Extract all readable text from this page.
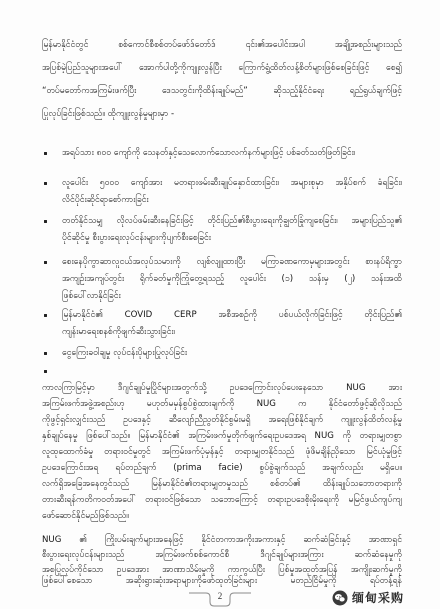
မြန်မာနိုင်ငံတွင် စစ်ကောင်စီစစ်တပ်ဖော်ဒ်တော်ဒ် ၎င်း၏အပေါင်းအပါ အချို့အစည်းများသည်
အပြစ်မဲ့ပြည်သူများအပေါ် အောက်ပါတို့ကိုကျူးလွန်ပြီး ကြောက်ရွံ့ထိတ်လန့်စိတ်များဖြစ်စေခြင်းဖြင့် စေ၍
“တပ်မတော်ကအကြမ်းဖက်ပြီး ဒေသတွင်းကိုထိန်းချုပ်မည်” ဆိုသည့်နိုင်ငံရေး ရည်ရွယ်ချက်ဖြင့်
ပြုလုပ်ခြင်းဖြစ်သည်။ ထိုကျူးလွန်မှုများမှာ -
အရပ်သား ၈၀၀ ကျော်ကို သေနတ်နှင့်သေလောက်သောလက်နက်များဖြင့် ပစ်ခတ်သတ်ဖြတ်ခြင်း၊
လူပေါင်း ၅၀၀၀ ကျော်အား မတရားဖမ်းဆီးချုပ်နှောင်ထားခြင်း၊ အများစုမှာ အနှိပ်စက် ခံရခြင်း၊
လိင်ပိုင်းဆိုင်ရာစော်ကားခြင်း
တတ်နိုင်သမျှ လိုလပ်ဖမ်းဆီးနေခြင်းဖြင့် တိုင်းပြည်၏စီးပွားရေးကိုချွတ်ခြုံကျစေခြင်း၊ အများပြည်သူ၏
ပိုင်ဆိုင်မှု စီးပွားရေးလုပ်ငန်းများကိုပျက်စီးစေခြင်း
စေးနေပိုကွာဆာလူငယ်အလုပ်သမားကို လျစ်လျူထားပြီး မကြာခဏကောမှများအတွင်း စားနပ်ရိက္ခာ
အကျဉ်းအကျပ်တွင်း ရိုက်ခတ်မှုကိုကြုံတွေ့ရသည့် လူပေါင်း (၁) သန်းမှ (၂) သန်းအထိ
ဖြစ်ပေါ်လာနိုင်ခြင်း
မြန်မာနိုင်ငံ၏ COVID CERP အစီအစဉ်ကို ပစ်ပယ်လိုက်ခြင်းဖြင့် တိုင်းပြည်၏
ကျန်းမာရေးစနစ်ကိုဖျက်ဆီးသွားခြင်း၊
ငွေကြေးခဝါချမှု လုပ်ငန်းပိုများပြုလုပ်ခြင်း
ကာလကြာမြင့်မှာ ဒီဂျင်ချုပ်မှုပြိုင်များအတွက်သို့ ဥပဒေကြောင်းလုပ်ပေးနေသော NUG အား
အကြမ်းဖက်အဖွဲ့အစည်းဟု မဟုတ်မမှန်စွပ်စွဲထားချက်ကို NUG က နိုင်ငံတော်ဖွင့်ဆိုလိုသည်
ကိုဖွင့်ရှင်းလျှင်းသည် ဥပဒေနှင့် ဆီလျော်ညီညွတ်နိုင်စွမ်းမရှိ အရေးဖြစ်နိုင်ချက် ကျူးလွန်ထိတ်လန့်မှု
နှစ်ချုပ်နေမှု ဖြစ်ပေါ်သည်။ မြန်မာနိုင်ငံ၏ အကြမ်းဖက်မှုတိုက်ဖျက်ရေးဥပဒေအရ NUG ကို တရားမျှတစွာ
လူထုထောက်ခံမှု တရားဝင်မှုတွင် အကြမ်းဖက်ပုံမှန်နှင့် တရားမျှတနိုင်သည် ဖုံဖိမချိန်ညှိသော မြင်ယုံမှုဖြင့်
ဥပဒေကြောင်းအရ ရပ်တည်ချက် (prima facie) စွပ်စွဲချက်သည် အချက်လည်း မရှိပေ။
လက်ရှိအခြေအနေတွင်သည် မြန်မာနိုင်ငံ၏တရားမျှတမှုသည် စစ်တပ်၏ ထိန်းချုပ်သဘောတရားကို
တားဆီးရန်ကတိကဝတ်အပေါ် တရားဝင်ဖြစ်သော သဘောကြောင့် တရားဥပဒေစိုးမိုးရေးကို မမြင်ဖွယ်ကျပ်ကျ
ဖော်ဆောင်နိုင်မည်ဖြစ်သည်။
NUG ၏ ကြိုးပမ်းချက်များအနေဖြင့် နိုင်ငံတကာအကိုးအကားနှင့် ဆက်ဆံခြင်းနှင့် အာဏာရှင်
စီးပွားရေးလုပ်ငန်းများသည် အကြမ်းဖက်စစ်ကောင်စီ ဒီဂျင်ချုပ်များအကြား ဆက်ဆံနေမှုကို
အစပြုလုပ်ကိုင်သော ဥပဒေအား အာဏာသိမ်းမှုကို ကာကွယ်ပြီး ပြစ်မှုအထုတ်အပြန် အကျိုးဆက်မှုကို
ဖြစ်ပေါ်စေသော အဆိုးရွားဆုံးအရာများကိုဖော်ထုတ်ခြင်းများ မတည်ငြိမ်မှုကို ရပ်တန့်ရန်
2	缅甸采购
